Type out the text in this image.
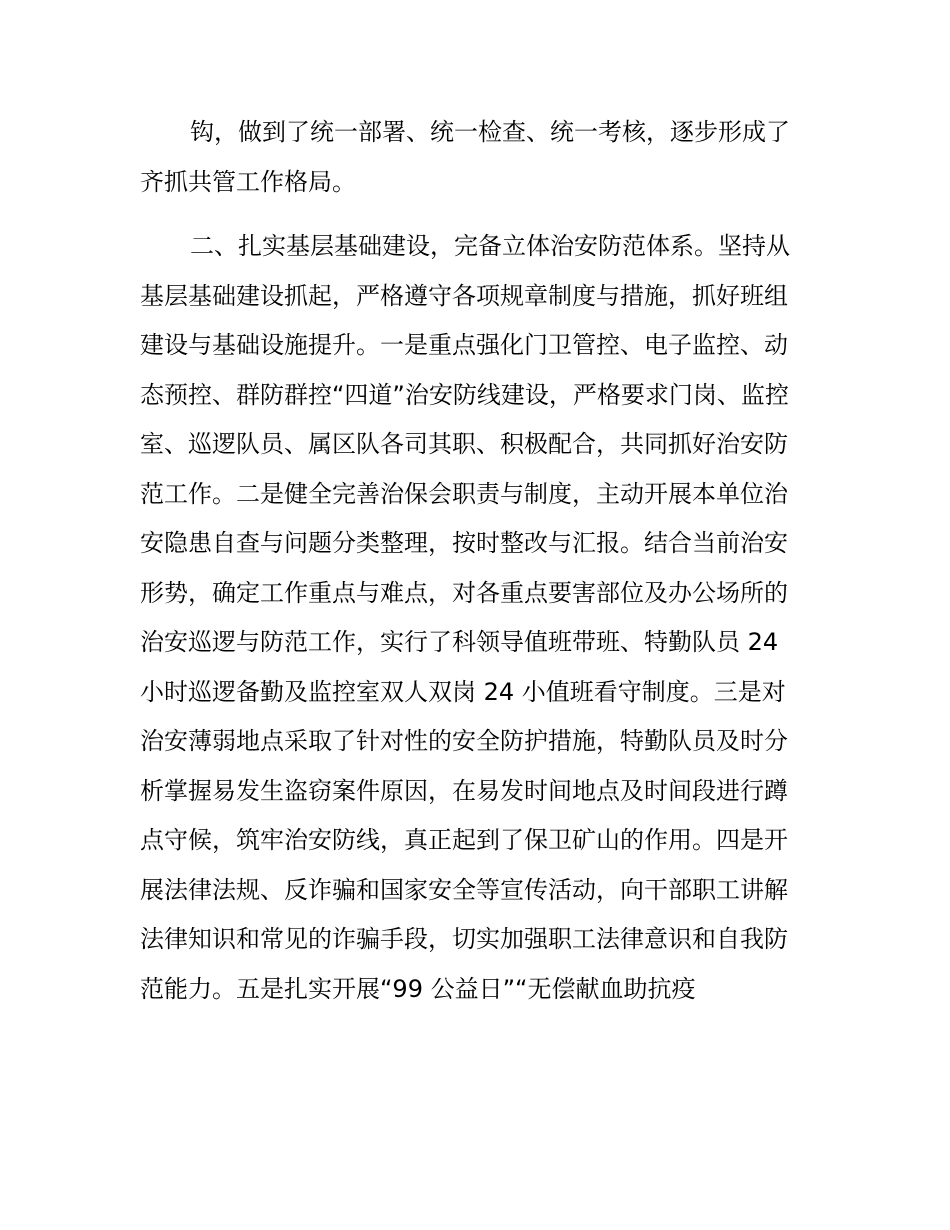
钩，做到了统一部署、统一检查、统一考核，逐步形成了
齐抓共管工作格局。
二、扎实基层基础建设，完备立体治安防范体系。坚持从
基层基础建设抓起，严格遵守各项规章制度与措施，抓好班组
建设与基础设施提升。一是重点强化门卫管控、电子监控、动
态预控、群防群控“四道”治安防线建设，严格要求门岗、监控
室、巡逻队员、属区队各司其职、积极配合，共同抓好治安防
范工作。二是健全完善治保会职责与制度，主动开展本单位治
安隐患自查与问题分类整理，按时整改与汇报。结合当前治安
形势，确定工作重点与难点，对各重点要害部位及办公场所的
治安巡逻与防范工作，实行了科领导值班带班、特勤队员 24
小时巡逻备勤及监控室双人双岗 24 小值班看守制度。三是对
治安薄弱地点采取了针对性的安全防护措施，特勤队员及时分
析掌握易发生盗窃案件原因，在易发时间地点及时间段进行蹲
点守候，筑牢治安防线，真正起到了保卫矿山的作用。四是开
展法律法规、反诈骗和国家安全等宣传活动，向干部职工讲解
法律知识和常见的诈骗手段，切实加强职工法律意识和自我防
范能力。五是扎实开展“99 公益日”“无偿献血助抗疫
